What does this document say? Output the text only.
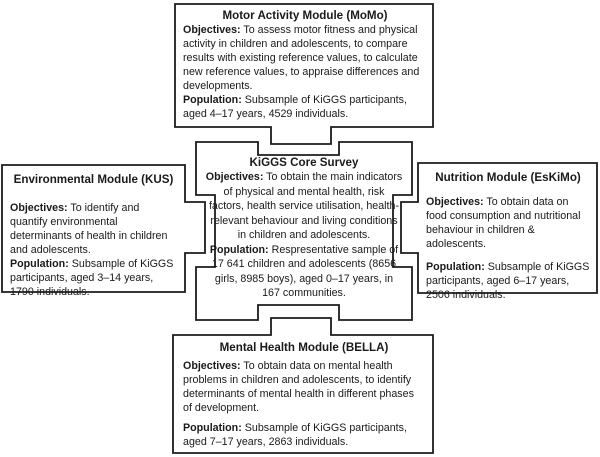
Motor Activity Module (MoMo)

Objectives: To assess motor fitness and physical activity in children and adolescents, to compare results with existing reference values, to calculate new reference values, to appraise differences and developments.

Population: Subsample of KiGGS participants, aged 4–17 years, 4529 individuals.

Environmental Module (KUS)

Objectives: To identify and quantify environmental determinants of health in children and adolescents.

Population: Subsample of KiGGS participants, aged 3–14 years, 1790 individuals.

KiGGS Core Survey

Objectives: To obtain the main indicators of physical and mental health, risk factors, health service utilisation, health-relevant behaviour and living conditions in children and adolescents.

Population: Respresentative sample of 17 641 children and adolescents (8656 girls, 8985 boys), aged 0–17 years, in 167 communities.

Nutrition Module (EsKiMo)

Objectives: To obtain data on food consumption and nutritional behaviour in children & adolescents.

Population: Subsample of KiGGS participants, aged 6–17 years, 2506 individuals.

Mental Health Module (BELLA)

Objectives: To obtain data on mental health problems in children and adolescents, to identify determinants of mental health in different phases of development.

Population: Subsample of KiGGS participants, aged 7–17 years, 2863 individuals.
